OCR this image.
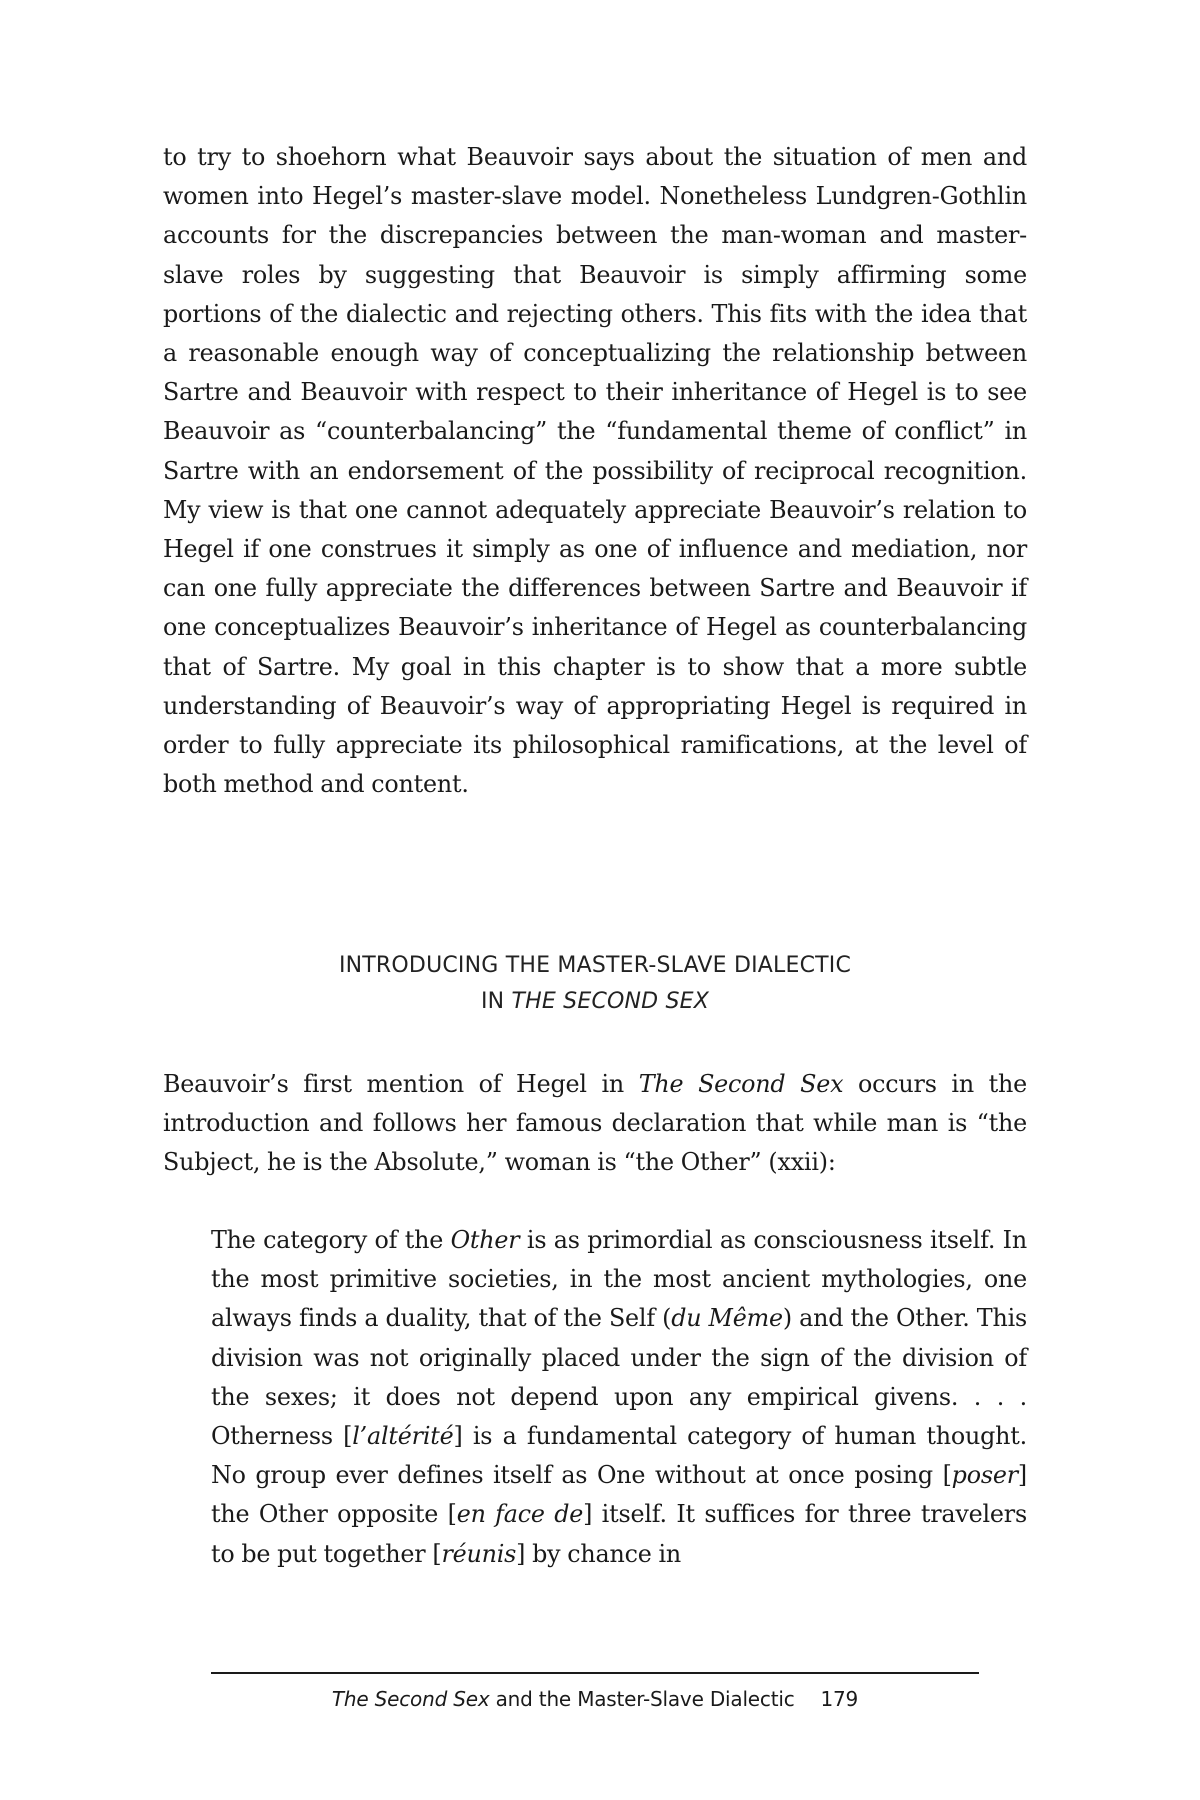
to try to shoehorn what Beauvoir says about the situation of men and women into Hegel’s master-slave model. Nonetheless Lundgren-Gothlin accounts for the discrepancies between the man-woman and master-slave roles by suggesting that Beauvoir is simply affirming some portions of the dialectic and rejecting others. This fits with the idea that a reasonable enough way of conceptualizing the relationship between Sartre and Beauvoir with respect to their inheritance of Hegel is to see Beauvoir as “counterbalancing” the “fundamental theme of conflict” in Sartre with an endorsement of the possibility of reciprocal recognition. My view is that one cannot adequately appreciate Beauvoir’s relation to Hegel if one construes it simply as one of influence and mediation, nor can one fully appreciate the differences between Sartre and Beauvoir if one conceptualizes Beauvoir’s inheritance of Hegel as counterbalancing that of Sartre. My goal in this chapter is to show that a more subtle understanding of Beauvoir’s way of appropriating Hegel is required in order to fully appreciate its philosophical ramifications, at the level of both method and content.

INTRODUCING THE MASTER-SLAVE DIALECTIC
IN THE SECOND SEX

Beauvoir’s first mention of Hegel in The Second Sex occurs in the introduction and follows her famous declaration that while man is “the Subject, he is the Absolute,” woman is “the Other” (xxii):

The category of the Other is as primordial as consciousness itself. In the most primitive societies, in the most ancient mythologies, one always finds a duality, that of the Self (du Même) and the Other. This division was not originally placed under the sign of the division of the sexes; it does not depend upon any empirical givens. . . . Otherness [l’altérité] is a fundamental category of human thought. No group ever defines itself as One without at once posing [poser] the Other opposite [en face de] itself. It suffices for three travelers to be put together [réunis] by chance in

The Second Sex and the Master-Slave Dialectic 179
